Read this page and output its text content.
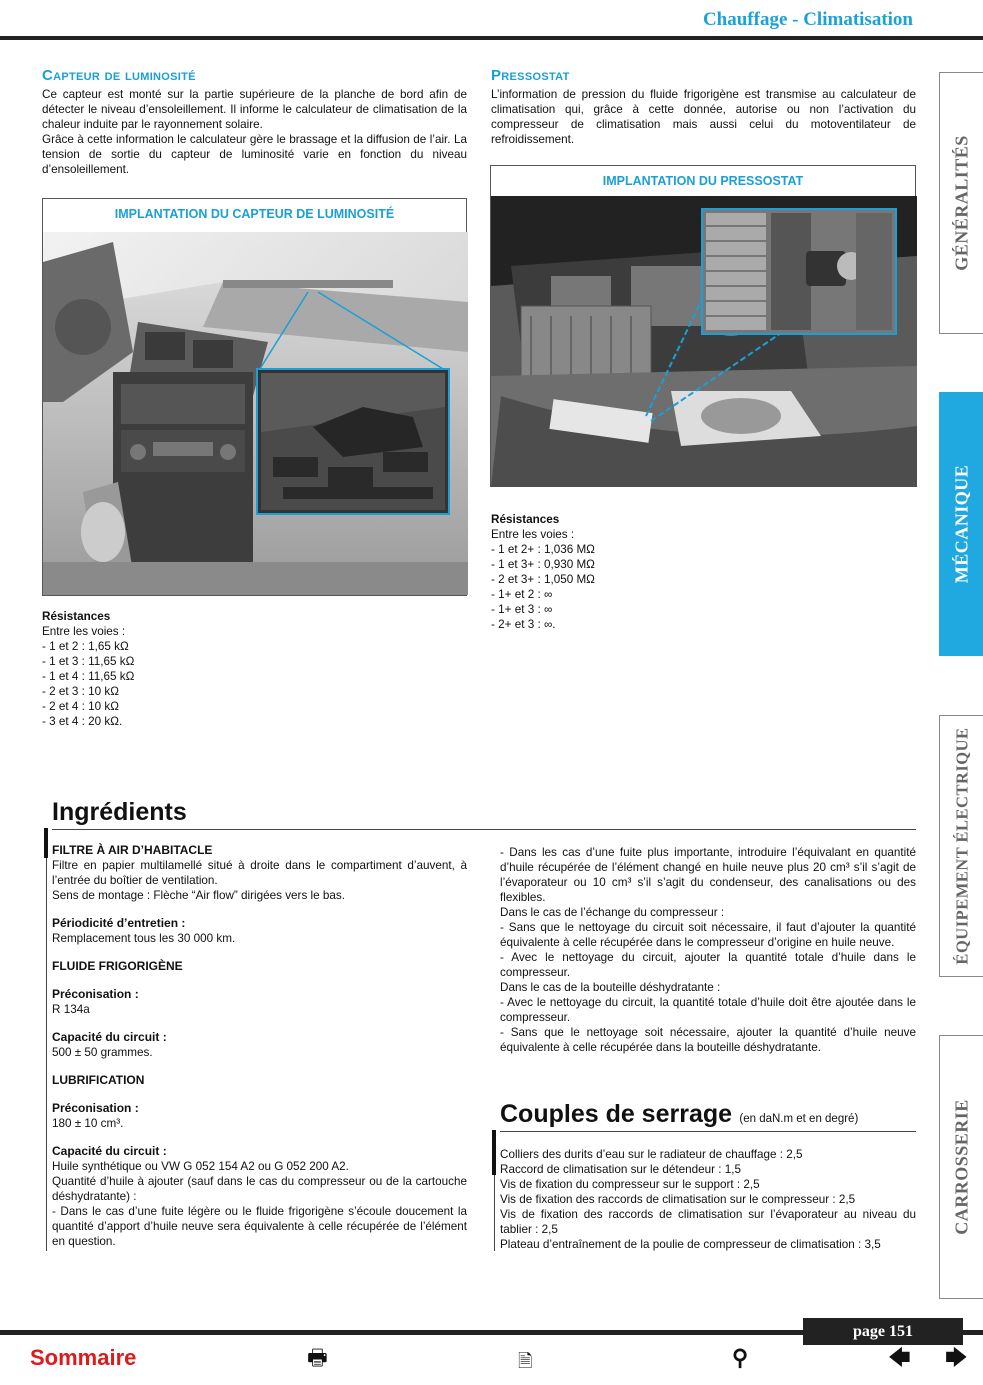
Chauffage - Climatisation
Capteur de luminosité

Ce capteur est monté sur la partie supérieure de la planche de bord afin de détecter le niveau d’ensoleillement. Il informe le calculateur de climatisation de la chaleur induite par le rayonnement solaire.

Grâce à cette information le calculateur gère le brassage et la diffusion de l’air. La tension de sortie du capteur de luminosité varie en fonction du niveau d’ensoleillement.

IMPLANTATION DU CAPTEUR DE LUMINOSITÉ
Résistances
Entre les voies :
- 1 et 2 : 1,65 kΩ
- 1 et 3 : 11,65 kΩ
- 1 et 4 : 11,65 kΩ
- 2 et 3 : 10 kΩ
- 2 et 4 : 10 kΩ
- 3 et 4 : 20 kΩ.
Pressostat
L’information de pression du fluide frigorigène est transmise au calculateur de climatisation qui, grâce à cette donnée, autorise ou non l’activation du compresseur de climatisation mais aussi celui du motoventilateur de refroidissement.
IMPLANTATION DU PRESSOSTAT
Résistances
Entre les voies :
- 1 et 2+ : 1,036 MΩ
- 1 et 3+ : 0,930 MΩ
- 2 et 3+ : 1,050 MΩ
- 1+ et 2 : ∞
- 1+ et 3 : ∞
- 2+ et 3 : ∞.
GÉNÉRALITÉS
MÉCANIQUE
ÉQUIPEMENT ÉLECTRIQUE
CARROSSERIE
Ingrédients
FILTRE À AIR D’HABITACLE

Filtre en papier multilamellé situé à droite dans le compartiment d’auvent, à l’entrée du boîtier de ventilation.

Sens de montage : Flèche “Air flow” dirigées vers le bas.

Périodicité d’entretien :

Remplacement tous les 30 000 km.

FLUIDE FRIGORIGÈNE
Préconisation :

R 134a

Capacité du circuit :

500 ± 50 grammes.

LUBRIFICATION
Préconisation :

180 ± 10 cm³.

Capacité du circuit :

Huile synthétique ou VW G 052 154 A2 ou G 052 200 A2.

Quantité d’huile à ajouter (sauf dans le cas du compresseur ou de la cartouche déshydratante) :

- Dans le cas d’une fuite légère ou le fluide frigorigène s’écoule doucement la quantité d’apport d’huile neuve sera équivalente à celle récupérée de l’élément en question.

- Dans les cas d’une fuite plus importante, introduire l’équivalant en quantité d’huile récupérée de l’élément changé en huile neuve plus 20 cm³ s’il s’agit de l’évaporateur ou 10 cm³ s’il s’agit du condenseur, des canalisations ou des flexibles.

Dans le cas de l’échange du compresseur :

- Sans que le nettoyage du circuit soit nécessaire, il faut d’ajouter la quantité équivalente à celle récupérée dans le compresseur d’origine en huile neuve.

- Avec le nettoyage du circuit, ajouter la quantité totale d’huile dans le compresseur.

Dans le cas de la bouteille déshydratante :

- Avec le nettoyage du circuit, la quantité totale d’huile doit être ajoutée dans le compresseur.

- Sans que le nettoyage soit nécessaire, ajouter la quantité d’huile neuve équivalente à celle récupérée dans la bouteille déshydratante.

Couples de serrage (en daN.m et en degré)

Colliers des durits d’eau sur le radiateur de chauffage : 2,5

Raccord de climatisation sur le détendeur : 1,5

Vis de fixation du compresseur sur le support : 2,5

Vis de fixation des raccords de climatisation sur le compresseur : 2,5

Vis de fixation des raccords de climatisation sur l’évaporateur au niveau du tablier : 2,5

Plateau d’entraînement de la poulie de compresseur de climatisation : 3,5

page 151
Sommaire	🖶	🗎	⚲	🡄 🡆
